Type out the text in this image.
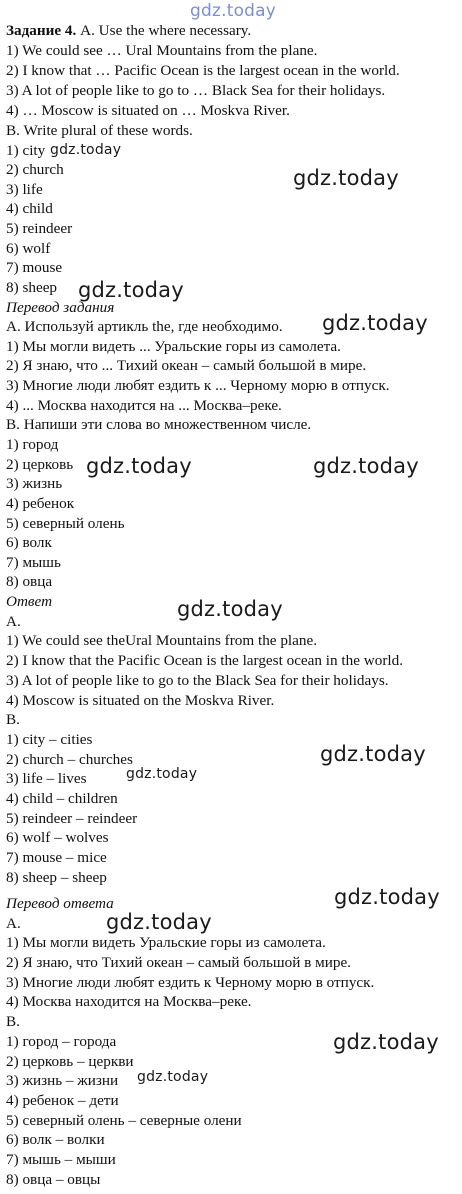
gdz.today
gdz.today
gdz.today
gdz.today
gdz.today
gdz.today	gdz.today
gdz.today
gdz.today
gdz.today
gdz.today
gdz.today
gdz.today
gdz.today

Задание 4. A. Use the where necessary.

1) We could see … Ural Mountains from the plane.

2) I know that … Pacific Ocean is the largest ocean in the world.

3) A lot of people like to go to … Black Sea for their holidays.

4) … Moscow is situated on … Moskva River.

B. Write plural of these words.

1) city

2) church

3) life

4) child

5) reindeer

6) wolf

7) mouse

8) sheep

Перевод задания

А. Используй артикль the, где необходимо.

1) Мы могли видеть ... Уральские горы из самолета.

2) Я знаю, что ... Тихий океан – самый большой в мире.

3) Многие люди любят ездить к ... Черному морю в отпуск.

4) ... Москва находится на ... Москва–реке.

В. Напиши эти слова во множественном числе.

1) город

2) церковь

3) жизнь

4) ребенок

5) северный олень

6) волк

7) мышь

8) овца

Ответ

A.

1) We could see theUral Mountains from the plane.

2) I know that the Pacific Ocean is the largest ocean in the world.

3) A lot of people like to go to the Black Sea for their holidays.

4) Moscow is situated on the Moskva River.

B.

1) city – cities

2) church – churches

3) life – lives

4) child – children

5) reindeer – reindeer

6) wolf – wolves

7) mouse – mice

8) sheep – sheep

Перевод ответа

А.

1) Мы могли видеть Уральские горы из самолета.

2) Я знаю, что Тихий океан – самый большой в мире.

3) Многие люди любят ездить к Черному морю в отпуск.

4) Москва находится на Москва–реке.

В.

1) город – города

2) церковь – церкви

3) жизнь – жизни

4) ребенок – дети

5) северный олень – северные олени

6) волк – волки

7) мышь – мыши

8) овца – овцы
